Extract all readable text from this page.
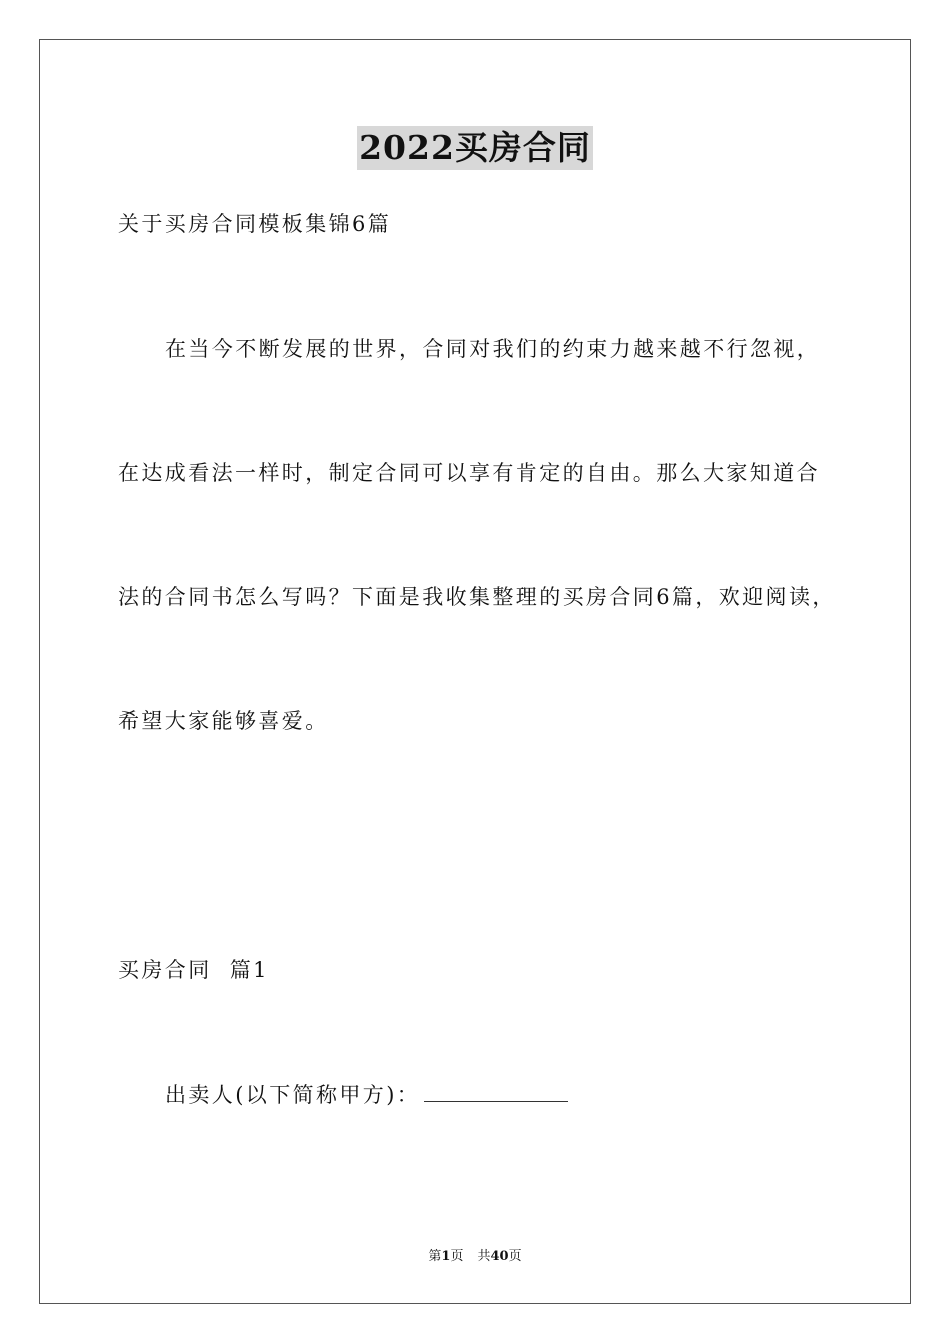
2022买房合同
关于买房合同模板集锦6篇
在当今不断发展的世界，合同对我们的约束力越来越不行忽视，
在达成看法一样时，制定合同可以享有肯定的自由。那么大家知道合
法的合同书怎么写吗？下面是我收集整理的买房合同6篇，欢迎阅读，
希望大家能够喜爱。
买房合同  篇1
出卖人(以下简称甲方)：
第1页 共40页
